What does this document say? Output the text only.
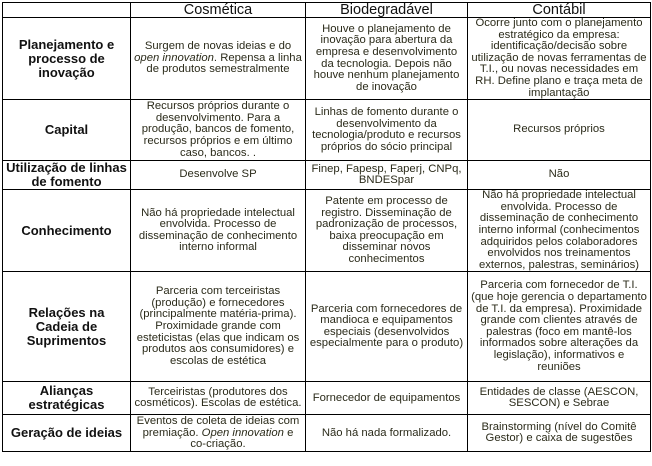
	Cosmética	Biodegradável	Contábil
Planejamento e processo de inovação	Surgem de novas ideias e do open innovation. Repensa a linha de produtos semestralmente	Houve o planejamento de inovação para abertura da empresa e desenvolvimento da tecnologia. Depois não houve nenhum planejamento de inovação	Ocorre junto com o planejamento estratégico da empresa: identificação/decisão sobre utilização de novas ferramentas de T.I., ou novas necessidades em RH. Define plano e traça meta de implantação
Capital	Recursos próprios durante o desenvolvimento. Para a produção, bancos de fomento, recursos próprios e em último caso, bancos. .	Linhas de fomento durante o desenvolvimento da tecnologia/produto e recursos próprios do sócio principal	Recursos próprios
Utilização de linhas de fomento	Desenvolve SP	Finep, Fapesp, Faperj, CNPq, BNDESpar	Não
Conhecimento	Não há propriedade intelectual envolvida. Processo de disseminação de conhecimento interno informal	Patente em processo de registro. Disseminação de padronização de processos, baixa preocupação em disseminar novos conhecimentos	Não há propriedade intelectual envolvida. Processo de disseminação de conhecimento interno informal (conhecimentos adquiridos pelos colaboradores envolvidos nos treinamentos externos, palestras, seminários)
Relações na Cadeia de Suprimentos	Parceria com terceiristas (produção) e fornecedores (principalmente matéria-prima). Proximidade grande com esteticistas (elas que indicam os produtos aos consumidores) e escolas de estética	Parceria com fornecedores de mandioca e equipamentos especiais (desenvolvidos especialmente para o produto)	Parceria com fornecedor de T.I. (que hoje gerencia o departamento de T.I. da empresa). Proximidade grande com clientes através de palestras (foco em mantê-los informados sobre alterações da legislação), informativos e reuniões
Alianças estratégicas	Terceiristas (produtores dos cosméticos). Escolas de estética.	Fornecedor de equipamentos	Entidades de classe (AESCON, SESCON) e Sebrae
Geração de ideias	Eventos de coleta de ideias com premiação. Open innovation e co-criação.	Não há nada formalizado.	Brainstorming (nível do Comitê Gestor) e caixa de sugestões
